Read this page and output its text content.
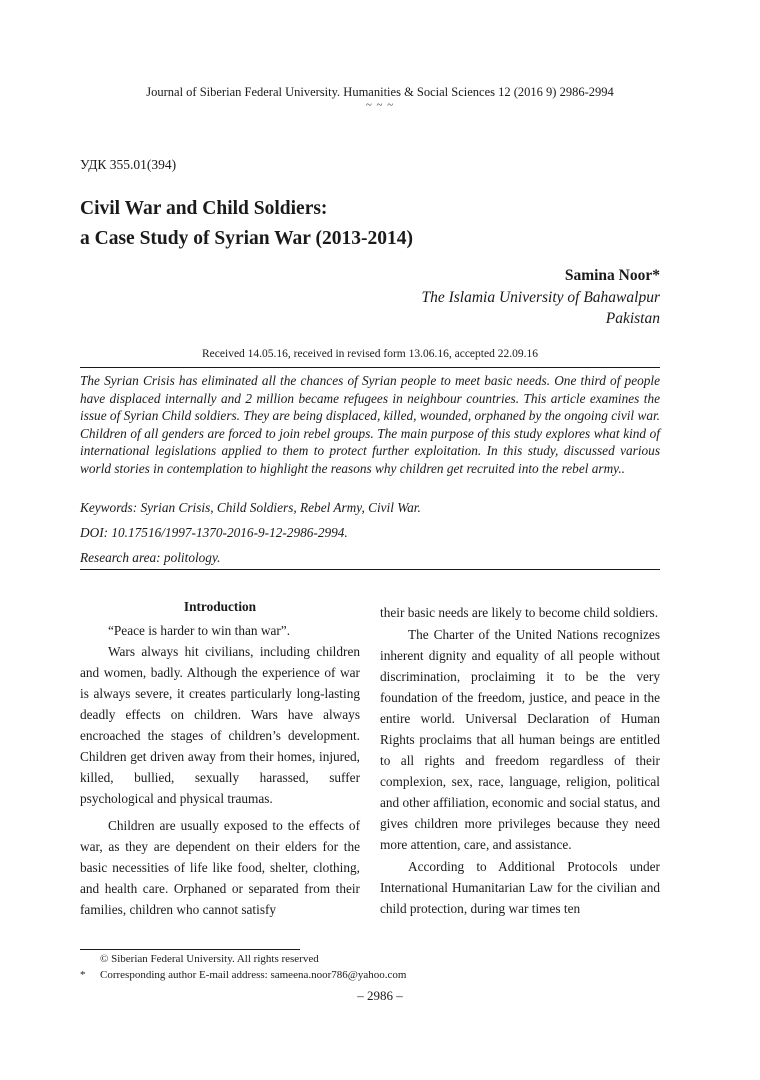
Journal of Siberian Federal University. Humanities & Social Sciences 12 (2016 9) 2986-2994
~ ~ ~
УДК 355.01(394)
Civil War and Child Soldiers:
a Case Study of Syrian War (2013-2014)
Samina Noor*
The Islamia University of Bahawalpur
Pakistan
Received 14.05.16, received in revised form 13.06.16, accepted 22.09.16
The Syrian Crisis has eliminated all the chances of Syrian people to meet basic needs. One third of people have displaced internally and 2 million became refugees in neighbour countries. This article examines the issue of Syrian Child soldiers. They are being displaced, killed, wounded, orphaned by the ongoing civil war. Children of all genders are forced to join rebel groups. The main purpose of this study explores what kind of international legislations applied to them to protect further exploitation. In this study, discussed various world stories in contemplation to highlight the reasons why children get recruited into the rebel army..
Keywords: Syrian Crisis, Child Soldiers, Rebel Army, Civil War.
DOI: 10.17516/1997-1370-2016-9-12-2986-2994.
Research area: politology.
Introduction

“Peace is harder to win than war”.

Wars always hit civilians, including children and women, badly. Although the experience of war is always severe, it creates particularly long-lasting deadly effects on children. Wars have always encroached the stages of children’s development. Children get driven away from their homes, injured, killed, bullied, sexually harassed, suffer psychological and physical traumas.

Children are usually exposed to the effects of war, as they are dependent on their elders for the basic necessities of life like food, shelter, clothing, and health care. Orphaned or separated from their families, children who cannot satisfy

their basic needs are likely to become child soldiers.

The Charter of the United Nations recognizes inherent dignity and equality of all people without discrimination, proclaiming it to be the very foundation of the freedom, justice, and peace in the entire world. Universal Declaration of Human Rights proclaims that all human beings are entitled to all rights and freedom regardless of their complexion, sex, race, language, religion, political and other affiliation, economic and social status, and gives children more privileges because they need more attention, care, and assistance.

According to Additional Protocols under International Humanitarian Law for the civilian and child protection, during war times ten

© Siberian Federal University. All rights reserved
* Corresponding author E-mail address: sameena.noor786@yahoo.com
– 2986 –
